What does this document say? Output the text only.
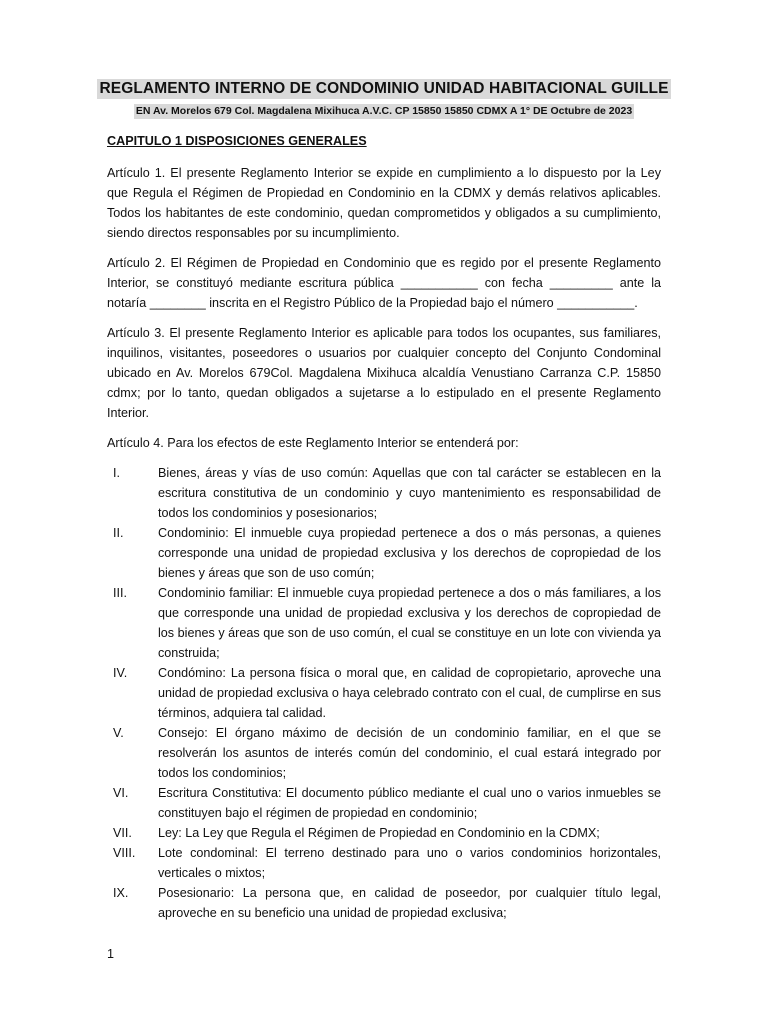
REGLAMENTO INTERNO DE CONDOMINIO UNIDAD HABITACIONAL GUILLE
EN Av. Morelos 679 Col. Magdalena Mixihuca A.V.C. CP 15850 15850 CDMX A 1° DE Octubre de 2023
CAPITULO 1 DISPOSICIONES GENERALES

Artículo 1. El presente Reglamento Interior se expide en cumplimiento a lo dispuesto por la Ley que Regula el Régimen de Propiedad en Condominio en la CDMX y demás relativos aplicables. Todos los habitantes de este condominio, quedan comprometidos y obligados a su cumplimiento, siendo directos responsables por su incumplimiento.

Artículo 2. El Régimen de Propiedad en Condominio que es regido por el presente Reglamento Interior, se constituyó mediante escritura pública ___________ con fecha _________ ante la notaría ________ inscrita en el Registro Público de la Propiedad bajo el número ___________.

Artículo 3. El presente Reglamento Interior es aplicable para todos los ocupantes, sus familiares, inquilinos, visitantes, poseedores o usuarios por cualquier concepto del Conjunto Condominal ubicado en Av. Morelos 679Col. Magdalena Mixihuca alcaldía Venustiano Carranza C.P. 15850 cdmx; por lo tanto, quedan obligados a sujetarse a lo estipulado en el presente Reglamento Interior.

Artículo 4. Para los efectos de este Reglamento Interior se entenderá por:

I.	Bienes, áreas y vías de uso común: Aquellas que con tal carácter se establecen en la escritura constitutiva de un condominio y cuyo mantenimiento es responsabilidad de todos los condominios y posesionarios;
II.	Condominio: El inmueble cuya propiedad pertenece a dos o más personas, a quienes corresponde una unidad de propiedad exclusiva y los derechos de copropiedad de los bienes y áreas que son de uso común;
III. Condominio familiar: El inmueble cuya propiedad pertenece a dos o más familiares, a los que corresponde una unidad de propiedad exclusiva y los derechos de copropiedad de los bienes y áreas que son de uso común, el cual se constituye en un lote con vivienda ya construida;
IV. Condómino: La persona física o moral que, en calidad de copropietario, aproveche una unidad de propiedad exclusiva o haya celebrado contrato con el cual, de cumplirse en sus términos, adquiera tal calidad.
V.	Consejo: El órgano máximo de decisión de un condominio familiar, en el que se resolverán los asuntos de interés común del condominio, el cual estará integrado por todos los condominios;
VI. Escritura Constitutiva: El documento público mediante el cual uno o varios inmuebles se constituyen bajo el régimen de propiedad en condominio;
VII. Ley: La Ley que Regula el Régimen de Propiedad en Condominio en la CDMX;
VIII. Lote condominal: El terreno destinado para uno o varios condominios horizontales, verticales o mixtos;
IX. Posesionario: La persona que, en calidad de poseedor, por cualquier título legal, aproveche en su beneficio una unidad de propiedad exclusiva;
1
